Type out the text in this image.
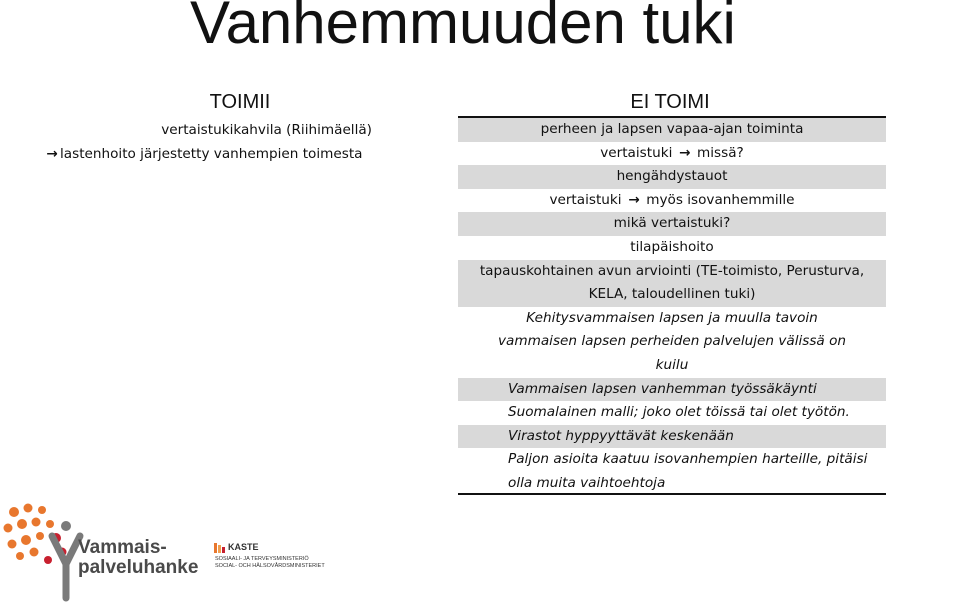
Vanhemmuuden tuki
TOIMII	EI TOIMI
vertaistukikahvila (Riihimäellä)
→ lastenhoito järjestetty vanhempien toimesta
perheen ja lapsen vapaa-ajan toiminta
vertaistuki → missä?
hengähdystauot
vertaistuki → myös isovanhemmille
mikä vertaistuki?
tilapäishoito
tapauskohtainen avun arviointi (TE-toimisto, Perusturva,
KELA, taloudellinen tuki)
Kehitysvammaisen lapsen ja muulla tavoin
vammaisen lapsen perheiden palvelujen välissä on
kuilu
Vammaisen lapsen vanhemman työssäkäynti
Suomalainen malli; joko olet töissä tai olet työtön.
Virastot hyppyyttävät keskenään
Paljon asioita kaatuu isovanhempien harteille, pitäisi
olla muita vaihtoehtoja
Vammais-
palveluhanke
KASTE
SOSIAALI- JA TERVEYSMINISTERIÖ
SOCIAL- OCH HÄLSOVÅRDSMINISTERIET
